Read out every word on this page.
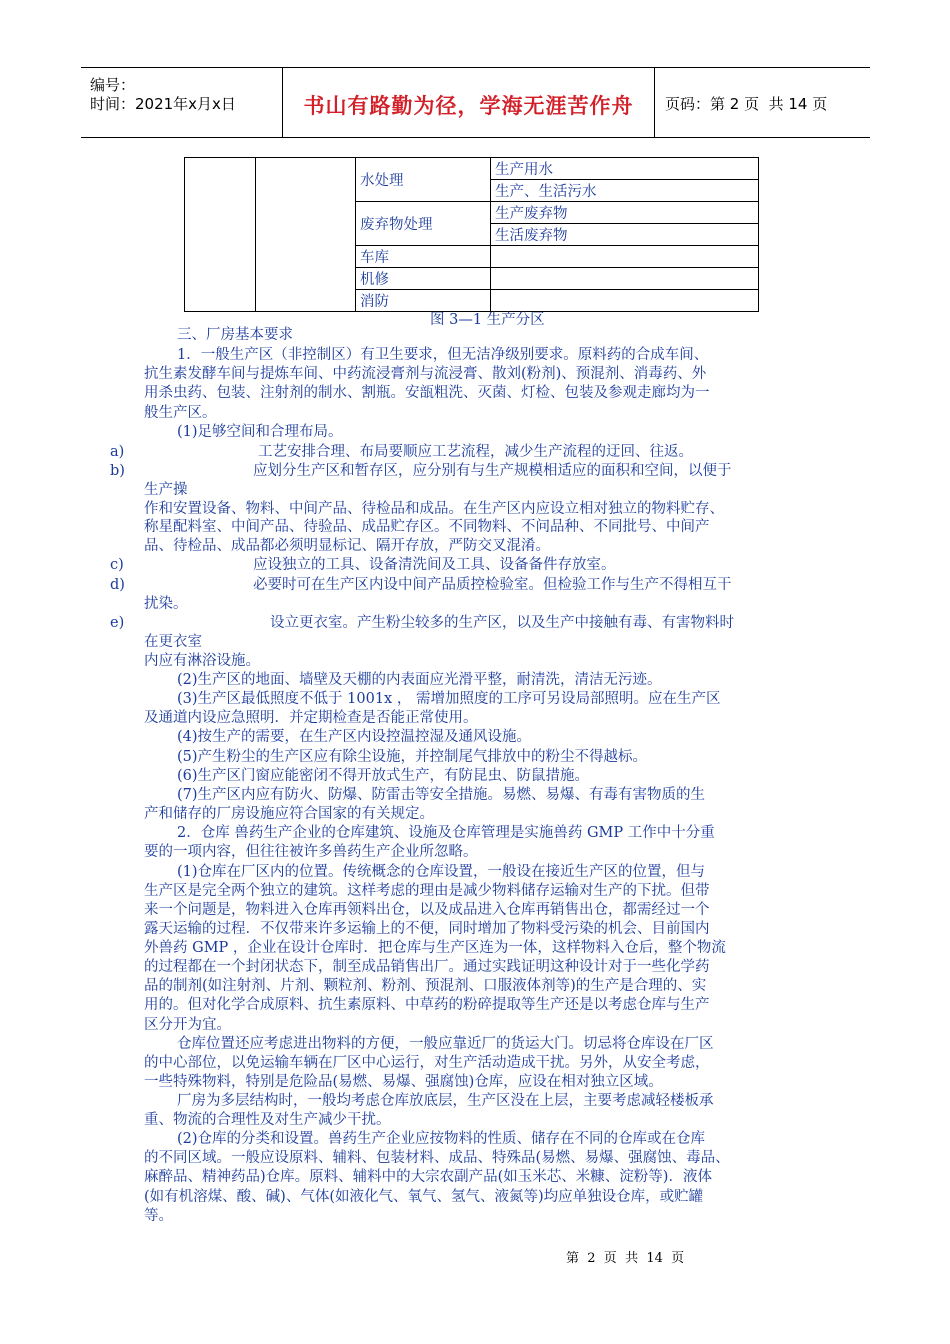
编号：
时间：2021年x月x日	书山有路勤为径，学海无涯苦作舟	页码：第 2 页  共 14 页
		水处理	生产用水
			生产、生活污水
		废弃物处理	生产废弃物
			生活废弃物
		车库	
		机修	
		消防	
图 3—1 生产分区
a)
b)
c)
d)
e)
三、厂房基本要求
1．一般生产区（非控制区）有卫生要求，但无洁净级别要求。原料药的合成车间、
抗生素发酵车间与提炼车间、中药流浸膏剂与流浸膏、散刘(粉剂)、预混剂、消毒药、外
用杀虫药、包装、注射剂的制水、割瓶。安瓿粗洗、灭菌、灯检、包装及参观走廊均为一
般生产区。
(1)足够空间和合理布局。
工艺安排合理、布局要顺应工艺流程，减少生产流程的迂回、往返。
应划分生产区和暂存区，应分别有与生产规模相适应的面积和空间，以便于
生产操
作和安置设备、物料、中间产品、待检品和成品。在生产区内应设立相对独立的物料贮存、
称星配料室、中间产品、待验品、成品贮存区。不同物料、不问品种、不同批号、中间产
品、待检品、成品都必须明显标记、隔开存放，严防交叉混淆。
应设独立的工具、设备清洗间及工具、设备备件存放室。
必要时可在生产区内设中间产品质控检验室。但检验工作与生产不得相互干
扰染。
设立更衣室。产生粉尘较多的生产区，以及生产中接触有毒、有害物料时
在更衣室
内应有淋浴设施。
(2)生产区的地面、墙壁及天棚的内表面应光滑平整，耐清洗，清洁无污迹。
(3)生产区最低照度不低于 1001x ， 需增加照度的工序可另设局部照明。应在生产区
及通道内设应急照明．并定期检查是否能正常使用。
(4)按生产的需要，在生产区内设控温控湿及通风设施。
(5)产生粉尘的生产区应有除尘设施，并控制尾气排放中的粉尘不得越标。
(6)生产区门窗应能密闭不得开放式生产，有防昆虫、防鼠措施。
(7)生产区内应有防火、防爆、防雷击等安全措施。易燃、易爆、有毒有害物质的生
产和储存的厂房设施应符合国家的有关规定。
2．仓库 兽药生产企业的仓库建筑、设施及仓库管理是实施兽药 GMP 工作中十分重
要的一项内容，但往往被许多兽药生产企业所忽略。
(1)仓库在厂区内的位置。传统概念的仓库设置，一般设在接近生产区的位置，但与
生产区是完全两个独立的建筑。这样考虑的理由是减少物料储存运输对生产的下扰。但带
来一个问题是，物料进入仓库再领料出仓，以及成品进入仓库再销售出仓，都需经过一个
露天运输的过程．不仅带来许多运输上的不便，同时增加了物料受污染的机会、目前国内
外兽药 GMP ，企业在设计仓库时．把仓库与生产区连为一体，这样物料入仓后，整个物流
的过程都在一个封闭状态下，制至成品销售出厂。通过实践证明这种设计对于一些化学药
品的制剂(如注射剂、片剂、颗粒剂、粉剂、预混剂、口服液体剂等)的生产是合理的、实
用的。但对化学合成原料、抗生素原料、中草药的粉碎提取等生产还是以考虑仓库与生产
区分开为宜。
仓库位置还应考虑进出物料的方便，一般应靠近厂的货运大门。切忌将仓库设在厂区
的中心部位，以免运输车辆在厂区中心运行，对生产活动造成干扰。另外，从安全考虑，
一些特殊物料，特别是危险品(易燃、易爆、强腐蚀)仓库，应设在相对独立区域。
厂房为多层结构时，一般均考虑仓库放底层，生产区没在上层，主要考虑减轻楼板承
重、物流的合理性及对生产减少干扰。
(2)仓库的分类和设置。兽药生产企业应按物料的性质、储存在不同的仓库或在仓库
的不同区域。一般应设原料、辅料、包装材料、成品、特殊品(易燃、易爆、强腐蚀、毒品、
麻醉品、精神药品)仓库。原料、辅料中的大宗农副产品(如玉米芯、米糠、淀粉等)．液体
(如有机溶煤、酸、碱)、气体(如液化气、氧气、氢气、液氮等)均应单独设仓库，或贮罐
等。
第  2  页  共  14  页
